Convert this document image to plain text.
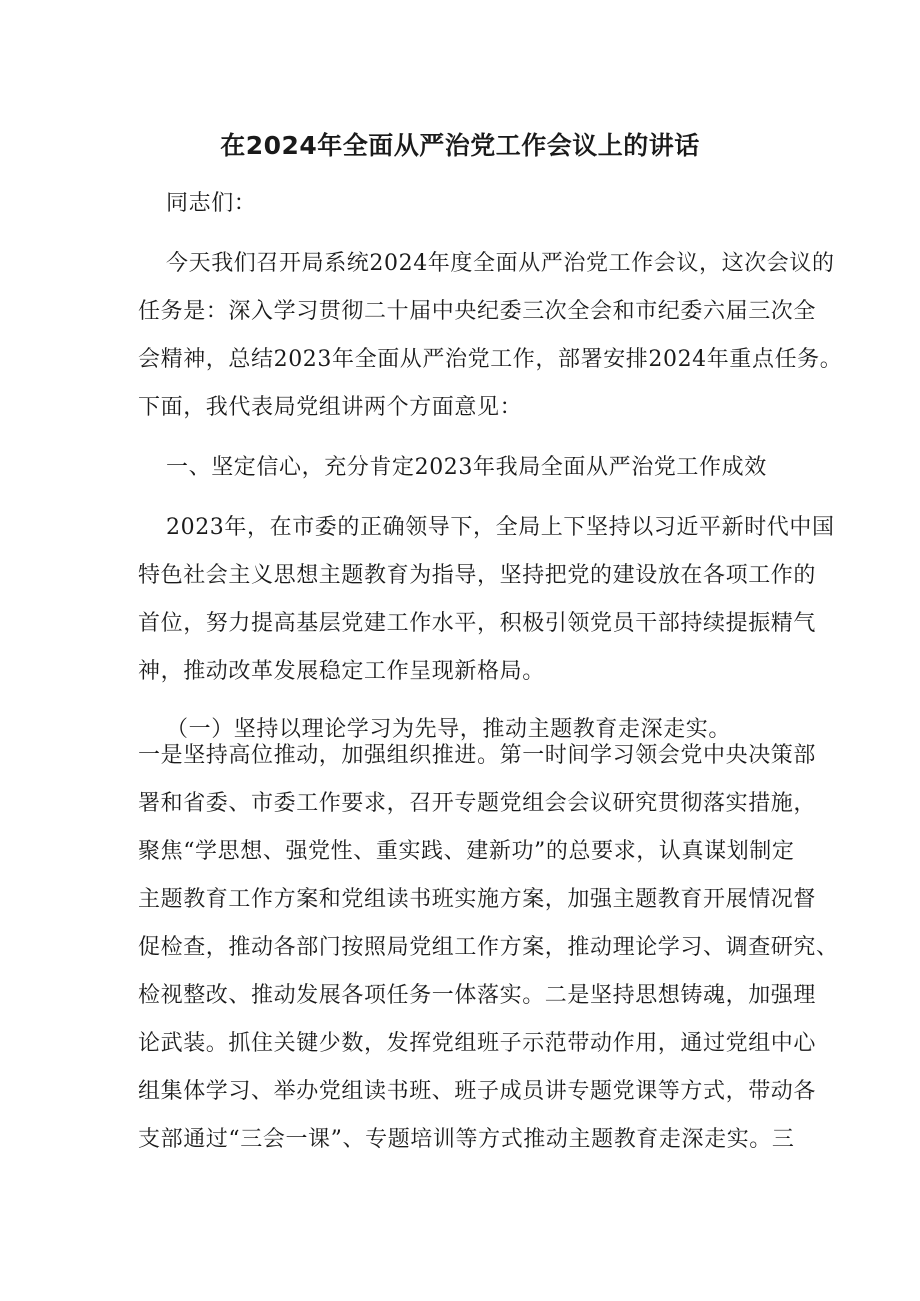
在2024年全面从严治党工作会议上的讲话
同志们：
今天我们召开局系统2024年度全面从严治党工作会议，这次会议的
任务是：深入学习贯彻二十届中央纪委三次全会和市纪委六届三次全
会精神，总结2023年全面从严治党工作，部署安排2024年重点任务。
下面，我代表局党组讲两个方面意见：
一、坚定信心，充分肯定2023年我局全面从严治党工作成效
2023年，在市委的正确领导下，全局上下坚持以习近平新时代中国
特色社会主义思想主题教育为指导，坚持把党的建设放在各项工作的
首位，努力提高基层党建工作水平，积极引领党员干部持续提振精气
神，推动改革发展稳定工作呈现新格局。
（一）坚持以理论学习为先导，推动主题教育走深走实。
一是坚持高位推动，加强组织推进。第一时间学习领会党中央决策部
署和省委、市委工作要求，召开专题党组会会议研究贯彻落实措施，
聚焦“学思想、强党性、重实践、建新功”的总要求，认真谋划制定
主题教育工作方案和党组读书班实施方案，加强主题教育开展情况督
促检查，推动各部门按照局党组工作方案，推动理论学习、调查研究、
检视整改、推动发展各项任务一体落实。二是坚持思想铸魂，加强理
论武装。抓住关键少数，发挥党组班子示范带动作用，通过党组中心
组集体学习、举办党组读书班、班子成员讲专题党课等方式，带动各
支部通过“三会一课”、专题培训等方式推动主题教育走深走实。三
